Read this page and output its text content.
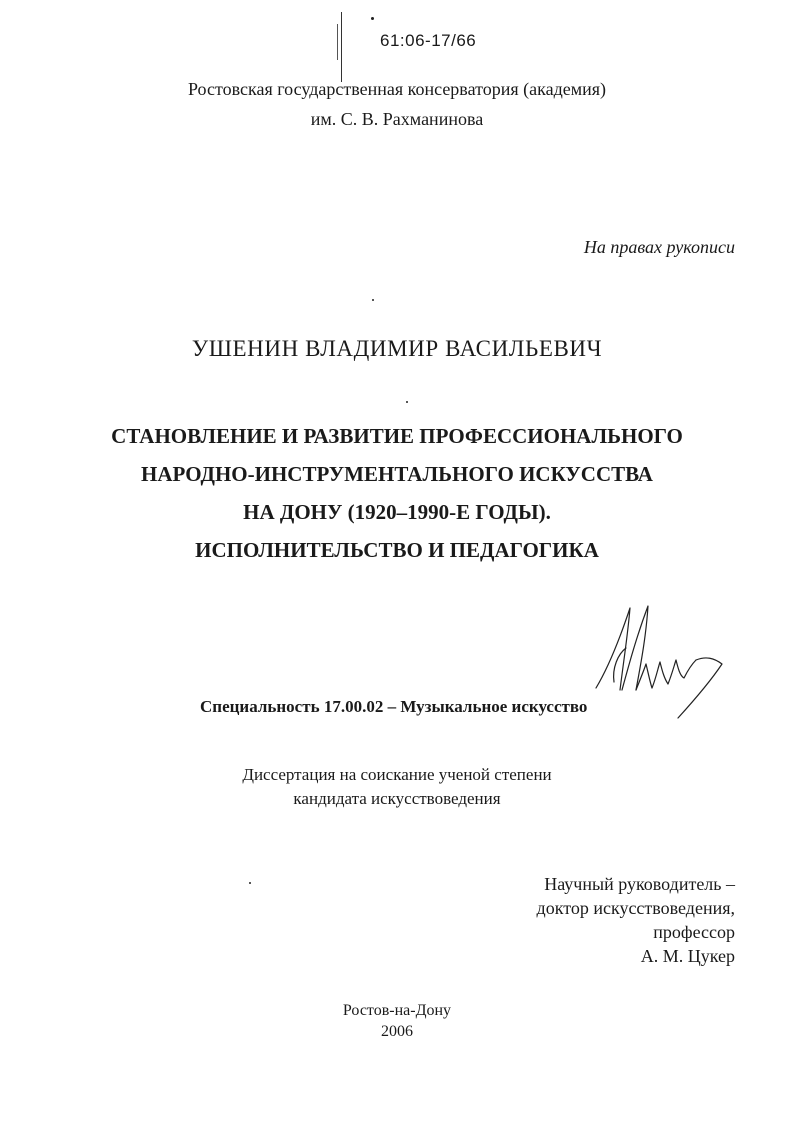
61:06-17/66
Ростовская государственная консерватория (академия)
им. С. В. Рахманинова
На правах рукописи
УШЕНИН ВЛАДИМИР ВАСИЛЬЕВИЧ
СТАНОВЛЕНИЕ И РАЗВИТИЕ ПРОФЕССИОНАЛЬНОГО
НАРОДНО-ИНСТРУМЕНТАЛЬНОГО ИСКУССТВА
НА ДОНУ (1920–1990-Е ГОДЫ).
ИСПОЛНИТЕЛЬСТВО И ПЕДАГОГИКА
Специальность 17.00.02 – Музыкальное искусство
Диссертация на соискание ученой степени
кандидата искусствоведения
Научный руководитель –
доктор искусствоведения,
профессор
А. М. Цукер
Ростов-на-Дону
2006
